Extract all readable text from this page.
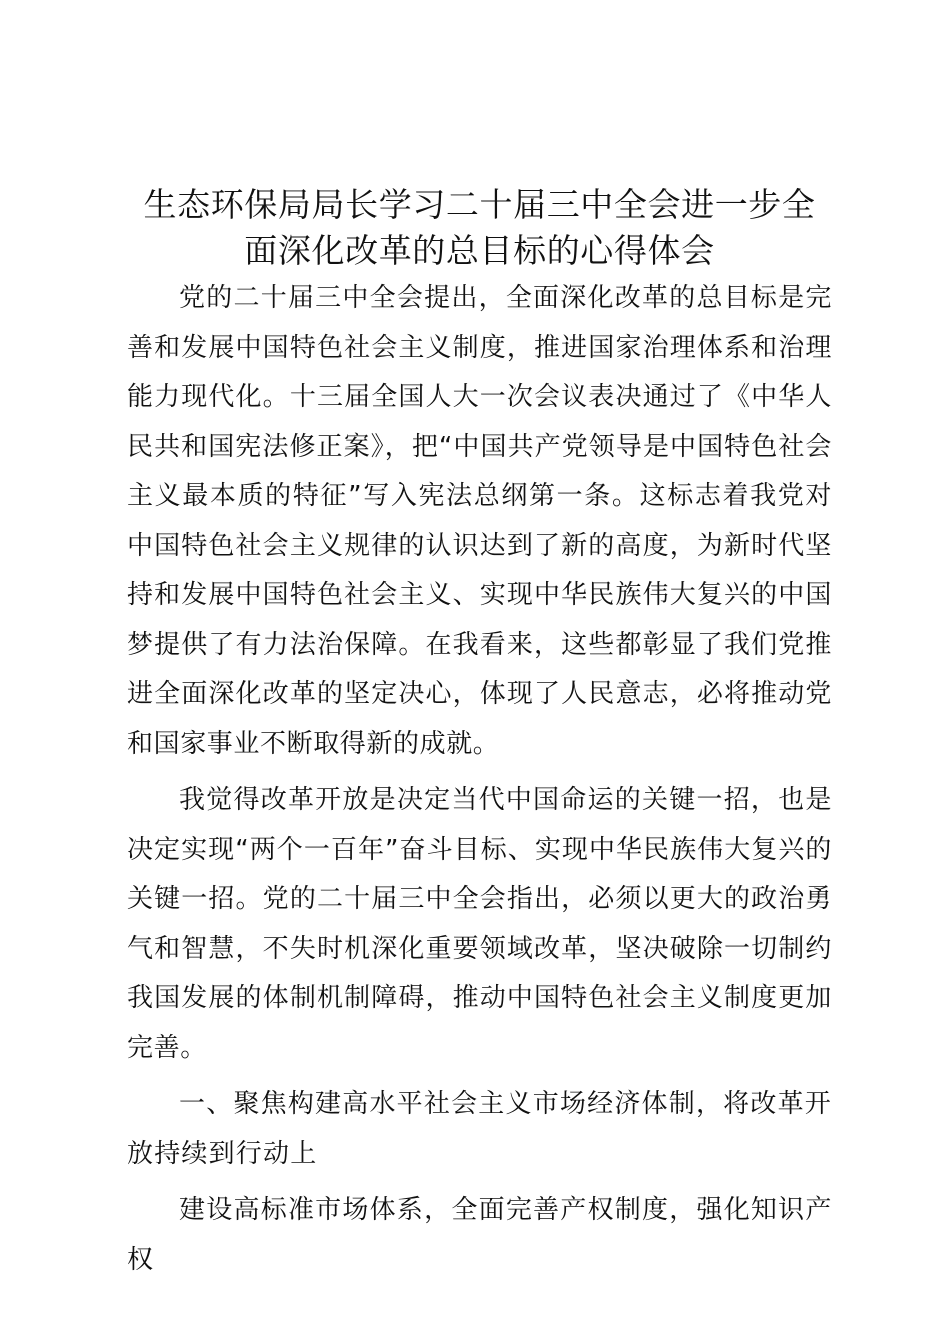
生态环保局局长学习二十届三中全会进一步全面深化改革的总目标的心得体会

党的二十届三中全会提出，全面深化改革的总目标是完善和发展中国特色社会主义制度，推进国家治理体系和治理能力现代化。十三届全国人大一次会议表决通过了《中华人民共和国宪法修正案》，把“中国共产党领导是中国特色社会主义最本质的特征”写入宪法总纲第一条。这标志着我党对中国特色社会主义规律的认识达到了新的高度，为新时代坚持和发展中国特色社会主义、实现中华民族伟大复兴的中国梦提供了有力法治保障。在我看来，这些都彰显了我们党推进全面深化改革的坚定决心，体现了人民意志，必将推动党和国家事业不断取得新的成就。

我觉得改革开放是决定当代中国命运的关键一招，也是决定实现“两个一百年”奋斗目标、实现中华民族伟大复兴的关键一招。党的二十届三中全会指出，必须以更大的政治勇气和智慧，不失时机深化重要领域改革，坚决破除一切制约我国发展的体制机制障碍，推动中国特色社会主义制度更加完善。

一、聚焦构建高水平社会主义市场经济体制，将改革开放持续到行动上

建设高标准市场体系，全面完善产权制度，强化知识产权
